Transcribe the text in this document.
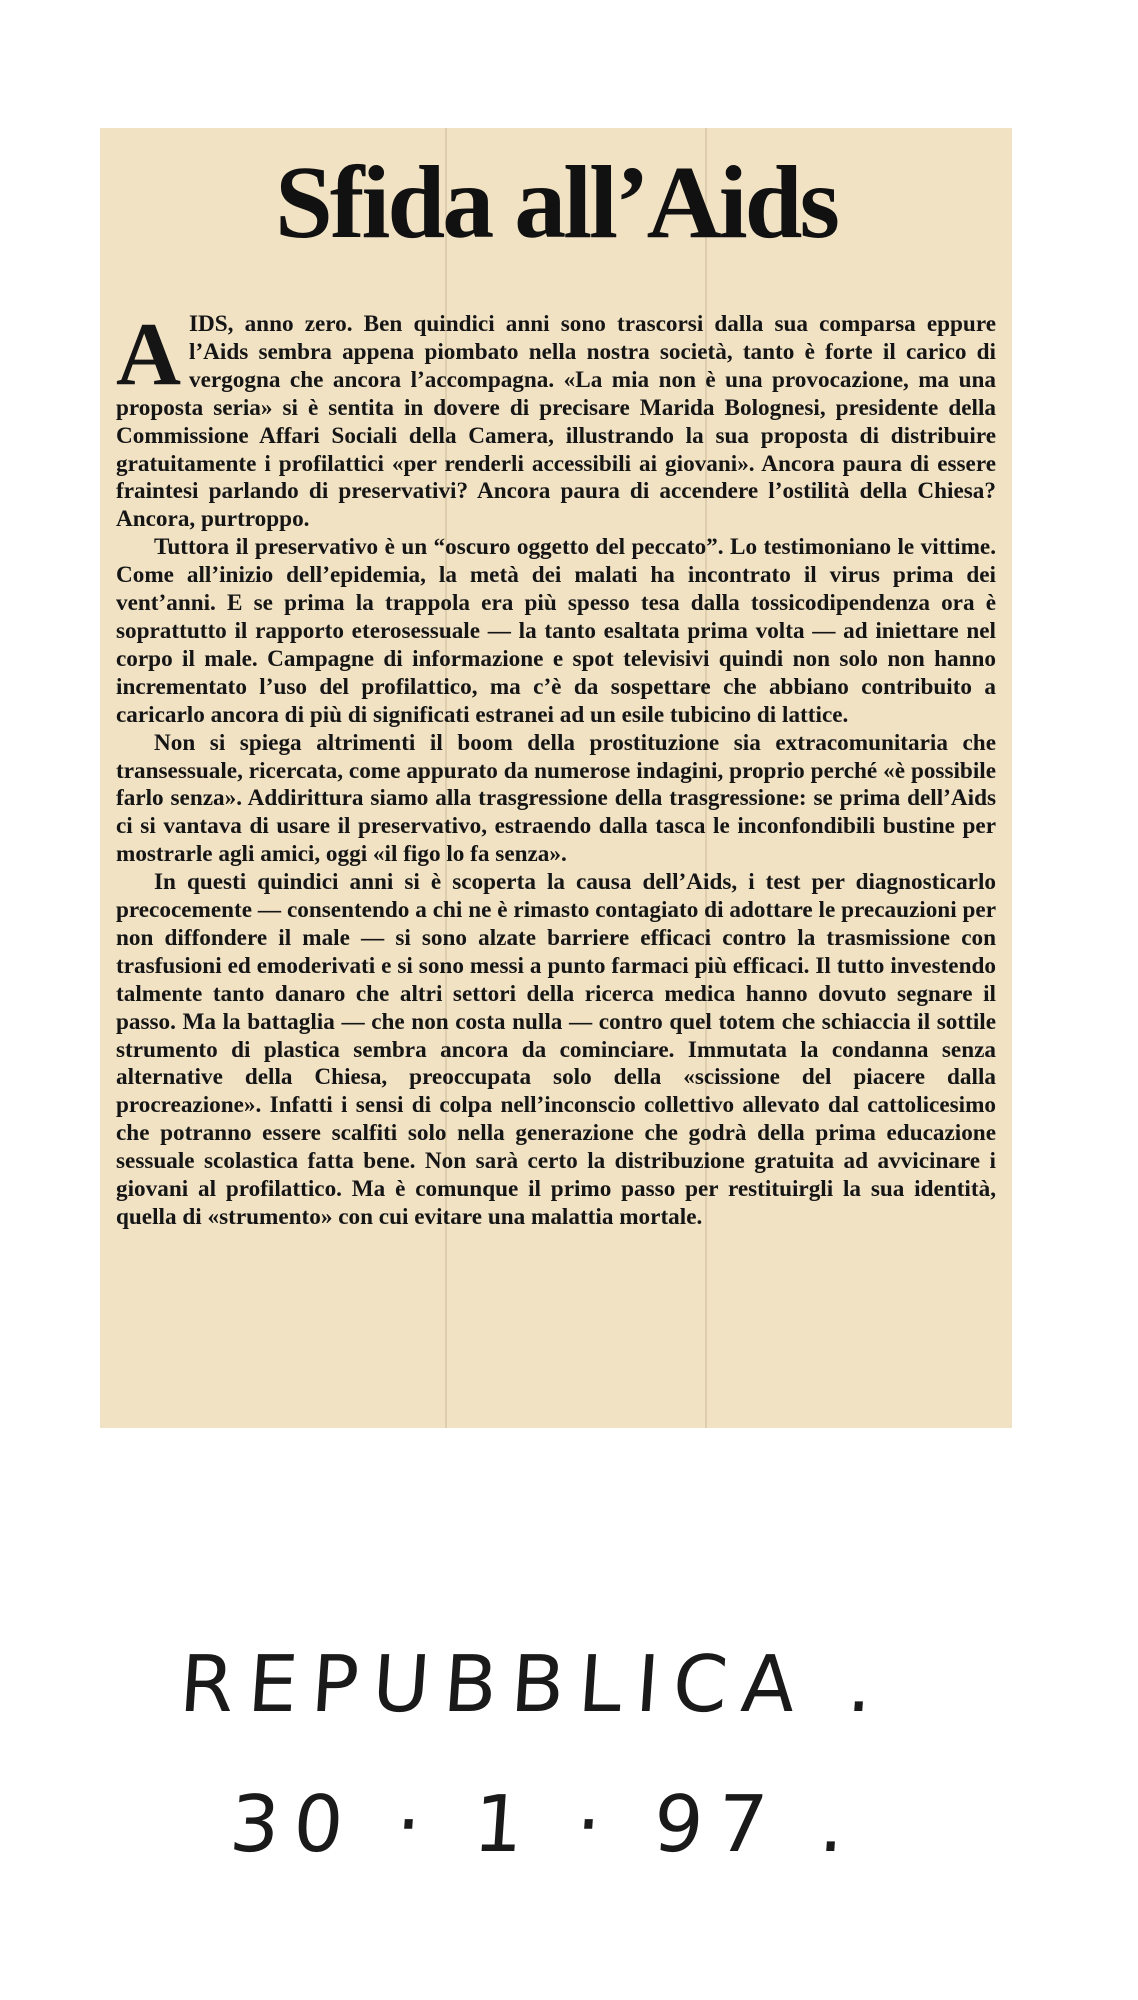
Sfida all’Aids

AIDS, anno zero. Ben quindici anni sono trascorsi dalla sua comparsa eppure l’Aids sembra appena piombato nella nostra società, tanto è forte il carico di vergogna che ancora l’accompagna. «La mia non è una provocazione, ma una proposta seria» si è sentita in dovere di precisare Marida Bolognesi, presidente della Commissione Affari Sociali della Camera, illustrando la sua proposta di distribuire gratuitamente i profilattici «per renderli accessibili ai giovani». Ancora paura di essere fraintesi parlando di preservativi? Ancora paura di accendere l’ostilità della Chiesa? Ancora, purtroppo.

Tuttora il preservativo è un “oscuro oggetto del peccato”. Lo testimoniano le vittime. Come all’inizio dell’epidemia, la metà dei malati ha incontrato il virus prima dei vent’anni. E se prima la trappola era più spesso tesa dalla tossicodipendenza ora è soprattutto il rapporto eterosessuale — la tanto esaltata prima volta — ad iniettare nel corpo il male. Campagne di informazione e spot televisivi quindi non solo non hanno incrementato l’uso del profilattico, ma c’è da sospettare che abbiano contribuito a caricarlo ancora di più di significati estranei ad un esile tubicino di lattice.

Non si spiega altrimenti il boom della prostituzione sia extracomunitaria che transessuale, ricercata, come appurato da numerose indagini, proprio perché «è possibile farlo senza». Addirittura siamo alla trasgressione della trasgressione: se prima dell’Aids ci si vantava di usare il preservativo, estraendo dalla tasca le inconfondibili bustine per mostrarle agli amici, oggi «il figo lo fa senza».

In questi quindici anni si è scoperta la causa dell’Aids, i test per diagnosticarlo precocemente — consentendo a chi ne è rimasto contagiato di adottare le precauzioni per non diffondere il male — si sono alzate barriere efficaci contro la trasmissione con trasfusioni ed emoderivati e si sono messi a punto farmaci più efficaci. Il tutto investendo talmente tanto danaro che altri settori della ricerca medica hanno dovuto segnare il passo. Ma la battaglia — che non costa nulla — contro quel totem che schiaccia il sottile strumento di plastica sembra ancora da cominciare. Immutata la condanna senza alternative della Chiesa, preoccupata solo della «scissione del piacere dalla procreazione». Infatti i sensi di colpa nell’inconscio collettivo allevato dal cattolicesimo che potranno essere scalfiti solo nella generazione che godrà della prima educazione sessuale scolastica fatta bene. Non sarà certo la distribuzione gratuita ad avvicinare i giovani al profilattico. Ma è comunque il primo passo per restituirgli la sua identità, quella di «strumento» con cui evitare una malattia mortale.

REPUBBLICA .
30 · 1 · 97 .
